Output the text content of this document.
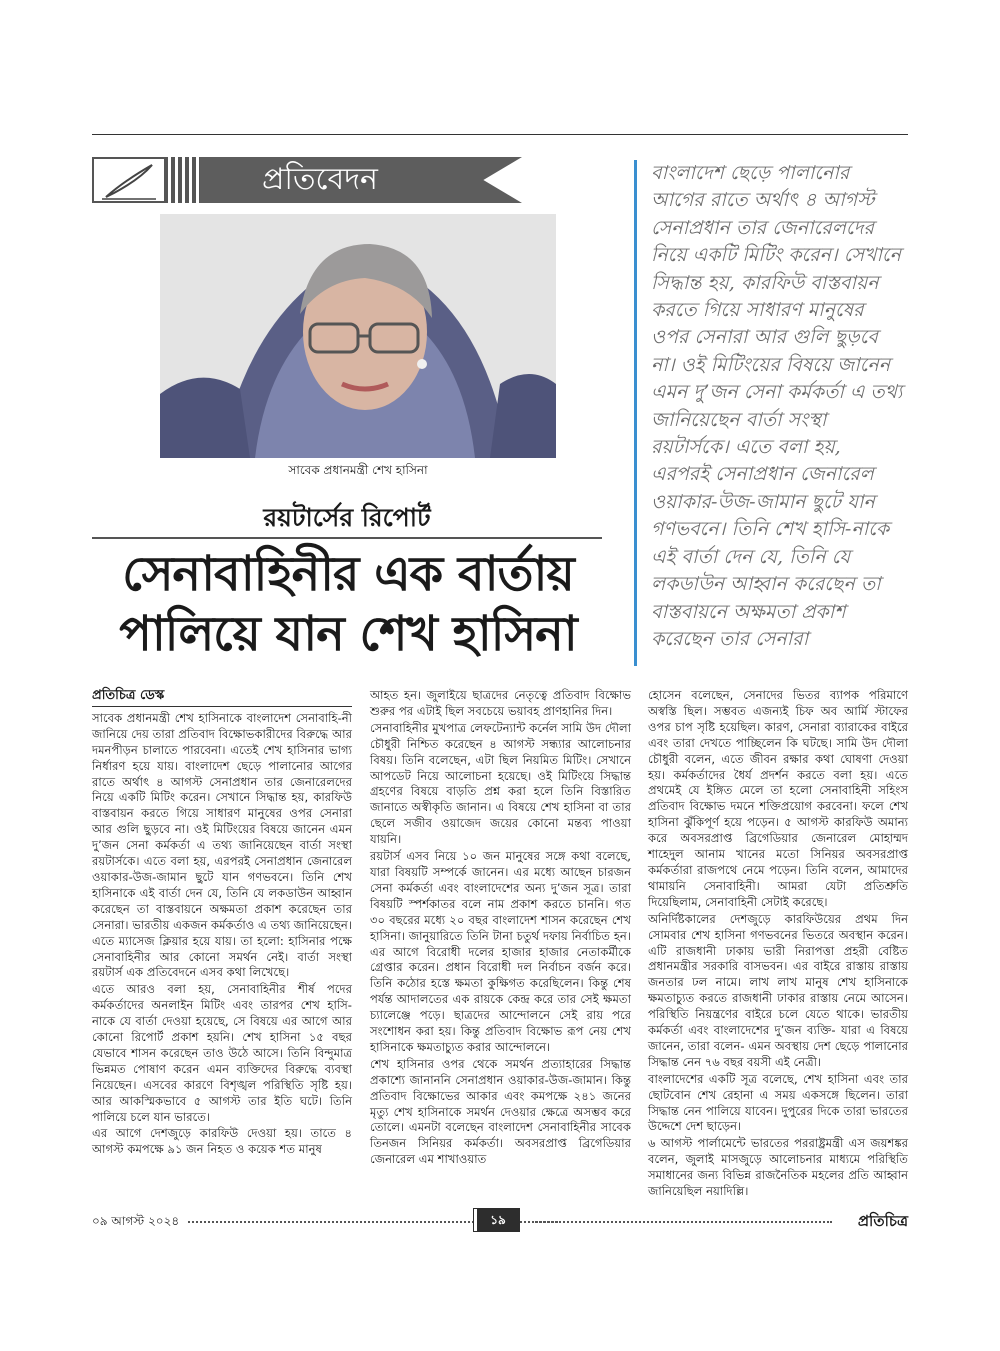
প্রতিবেদন
সাবেক প্রধানমন্ত্রী শেখ হাসিনা
রয়টার্সের রিপোর্ট
সেনাবাহিনীর এক বার্তায়
পালিয়ে যান শেখ হাসিনা

বাংলাদেশ ছেড়ে পালানোর আগের রাতে অর্থাৎ ৪ আগস্ট সেনাপ্রধান তার জেনারেলদের নিয়ে একটি মিটিং করেন। সেখানে সিদ্ধান্ত হয়, কারফিউ বাস্তবায়ন করতে গিয়ে সাধারণ মানুষের ওপর সেনারা আর গুলি ছুড়বে না। ওই মিটিংয়ের বিষয়ে জানেন এমন দু’জন সেনা কর্মকর্তা এ তথ্য জানিয়েছেন বার্তা সংস্থা রয়টার্সকে। এতে বলা হয়, এরপরই সেনাপ্রধান জেনারেল ওয়াকার-উজ-জামান ছুটে যান গণভবনে। তিনি শেখ হাসি-নাকে এই বার্তা দেন যে, তিনি যে লকডাউন আহ্বান করেছেন তা বাস্তবায়নে অক্ষমতা প্রকাশ করেছেন তার সেনারা

প্রতিচিত্র ডেস্ক

সাবেক প্রধানমন্ত্রী শেখ হাসিনাকে বাংলাদেশ সেনাবাহি-নী জানিয়ে দেয় তারা প্রতিবাদ বিক্ষোভকারীদের বিরুদ্ধে আর দমনপীড়ন চালাতে পারবেনা। এতেই শেখ হাসিনার ভাগ্য নির্ধারণ হয়ে যায়। বাংলাদেশ ছেড়ে পালানোর আগের রাতে অর্থাৎ ৪ আগস্ট সেনাপ্রধান তার জেনারেলদের নিয়ে একটি মিটিং করেন। সেখানে সিদ্ধান্ত হয়, কারফিউ বাস্তবায়ন করতে গিয়ে সাধারণ মানুষের ওপর সেনারা আর গুলি ছুড়বে না। ওই মিটিংয়ের বিষয়ে জানেন এমন দু’জন সেনা কর্মকর্তা এ তথ্য জানিয়েছেন বার্তা সংস্থা রয়টার্সকে। এতে বলা হয়, এরপরই সেনাপ্রধান জেনারেল ওয়াকার-উজ-জামান ছুটে যান গণভবনে। তিনি শেখ হাসিনাকে এই বার্তা দেন যে, তিনি যে লকডাউন আহ্বান করেছেন তা বাস্তবায়নে অক্ষমতা প্রকাশ করেছেন তার সেনারা। ভারতীয় একজন কর্মকর্তাও এ তথ্য জানিয়েছেন। এতে ম্যাসেজ ক্লিয়ার হয়ে যায়। তা হলো: হাসিনার পক্ষে সেনাবাহিনীর আর কোনো সমর্থন নেই। বার্তা সংস্থা রয়টার্স এক প্রতিবেদনে এসব কথা লিখেছে।

এতে আরও বলা হয়, সেনাবাহিনীর শীর্ষ পদের কর্মকর্তাদের অনলাইন মিটিং এবং তারপর শেখ হাসি-নাকে যে বার্তা দেওয়া হয়েছে, সে বিষয়ে এর আগে আর কোনো রিপোর্ট প্রকাশ হয়নি। শেখ হাসিনা ১৫ বছর যেভাবে শাসন করেছেন তাও উঠে আসে। তিনি বিন্দুমাত্র ভিন্নমত পোষাণ করেন এমন ব্যক্তিদের বিরুদ্ধে ব্যবস্থা নিয়েছেন। এসবের কারণে বিশৃঙ্খল পরিস্থিতি সৃষ্টি হয়। আর আকস্মিকভাবে ৫ আগস্ট তার ইতি ঘটে। তিনি পালিয়ে চলে যান ভারতে।

এর আগে দেশজুড়ে কারফিউ দেওয়া হয়। তাতে ৪ আগস্ট কমপক্ষে ৯১ জন নিহত ও কয়েক শত মানুষ

আহত হন। জুলাইয়ে ছাত্রদের নেতৃত্বে প্রতিবাদ বিক্ষোভ শুরুর পর এটাই ছিল সবচেয়ে ভয়াবহ প্রাণহানির দিন।

সেনাবাহিনীর মুখপাত্র লেফটেন্যান্ট কর্নেল সামি উদ দৌলা চৌধুরী নিশ্চিত করেছেন ৪ আগস্ট সন্ধ্যার আলোচনার বিষয়। তিনি বলেছেন, এটা ছিল নিয়মিত মিটিং। সেখানে আপডেট নিয়ে আলোচনা হয়েছে। ওই মিটিংয়ে সিদ্ধান্ত গ্রহণের বিষয়ে বাড়তি প্রশ্ন করা হলে তিনি বিস্তারিত জানাতে অস্বীকৃতি জানান। এ বিষয়ে শেখ হাসিনা বা তার ছেলে সজীব ওয়াজেদ জয়ের কোনো মন্তব্য পাওয়া যায়নি।

রয়টার্স এসব নিয়ে ১০ জন মানুষের সঙ্গে কথা বলেছে, যারা বিষয়টি সম্পর্কে জানেন। এর মধ্যে আছেন চারজন সেনা কর্মকর্তা এবং বাংলাদেশের অন্য দু’জন সূত্র। তারা বিষয়টি স্পর্শকাতর বলে নাম প্রকাশ করতে চাননি। গত ৩০ বছরের মধ্যে ২০ বছর বাংলাদেশ শাসন করেছেন শেখ হাসিনা। জানুয়ারিতে তিনি টানা চতুর্থ দফায় নির্বাচিত হন। এর আগে বিরোধী দলের হাজার হাজার নেতাকর্মীকে গ্রেপ্তার করেন। প্রধান বিরোধী দল নির্বাচন বর্জন করে। তিনি কঠোর হস্তে ক্ষমতা কুক্ষিগত করেছিলেন। কিন্তু শেষ পর্যন্ত আদালতের এক রায়কে কেন্দ্র করে তার সেই ক্ষমতা চ্যালেঞ্জে পড়ে। ছাত্রদের আন্দোলনে সেই রায় পরে সংশোধন করা হয়। কিন্তু প্রতিবাদ বিক্ষোভ রূপ নেয় শেখ হাসিনাকে ক্ষমতাচ্যুত করার আন্দোলনে।

শেখ হাসিনার ওপর থেকে সমর্থন প্রত্যাহারের সিদ্ধান্ত প্রকাশ্যে জানাননি সেনাপ্রধান ওয়াকার-উজ-জামান। কিন্তু প্রতিবাদ বিক্ষোভের আকার এবং কমপক্ষে ২৪১ জনের মৃত্যু শেখ হাসিনাকে সমর্থন দেওয়ার ক্ষেত্রে অসম্ভব করে তোলে। এমনটা বলেছেন বাংলাদেশ সেনাবাহিনীর সাবেক তিনজন সিনিয়র কর্মকর্তা। অবসরপ্রাপ্ত ব্রিগেডিয়ার জেনারেল এম শাখাওয়াত

হোসেন বলেছেন, সেনাদের ভিতর ব্যাপক পরিমাণে অস্বস্তি ছিল। সম্ভবত এজন্যই চিফ অব আর্মি স্টাফের ওপর চাপ সৃষ্টি হয়েছিল। কারণ, সেনারা ব্যারাকের বাইরে এবং তারা দেখতে পাচ্ছিলেন কি ঘটছে। সামি উদ দৌলা চৌধুরী বলেন, এতে জীবন রক্ষার কথা ঘোষণা দেওয়া হয়। কর্মকর্তাদের ধৈর্য প্রদর্শন করতে বলা হয়। এতে প্রথমেই যে ইঙ্গিত মেলে তা হলো সেনাবাহিনী সহিংস প্রতিবাদ বিক্ষোভ দমনে শক্তিপ্রয়োগ করবেনা। ফলে শেখ হাসিনা ঝুঁকিপূর্ণ হয়ে পড়েন। ৫ আগস্ট কারফিউ অমান্য করে অবসরপ্রাপ্ত ব্রিগেডিয়ার জেনারেল মোহাম্মদ শাহেদুল আনাম খানের মতো সিনিয়র অবসরপ্রাপ্ত কর্মকর্তারা রাজপথে নেমে পড়েন। তিনি বলেন, আমাদের থামায়নি সেনাবাহিনী। আমরা যেটা প্রতিশ্রুতি দিয়েছিলাম, সেনাবাহিনী সেটাই করেছে।

অনির্দিষ্টকালের দেশজুড়ে কারফিউয়ের প্রথম দিন সোমবার শেখ হাসিনা গণভবনের ভিতরে অবস্থান করেন। এটি রাজধানী ঢাকায় ভারী নিরাপত্তা প্রহরী বেষ্টিত প্রধানমন্ত্রীর সরকারি বাসভবন। এর বাইরে রাস্তায় রাস্তায় জনতার ঢল নামে। লাখ লাখ মানুষ শেখ হাসিনাকে ক্ষমতাচ্যুত করতে রাজধানী ঢাকার রাস্তায় নেমে আসেন। পরিস্থিতি নিয়ন্ত্রণের বাইরে চলে যেতে থাকে। ভারতীয় কর্মকর্তা এবং বাংলাদেশের দু’জন ব্যক্তি- যারা এ বিষয়ে জানেন, তারা বলেন- এমন অবস্থায় দেশ ছেড়ে পালানোর সিদ্ধান্ত নেন ৭৬ বছর বয়সী এই নেত্রী।

বাংলাদেশের একটি সূত্র বলেছে, শেখ হাসিনা এবং তার ছোটবোন শেখ রেহানা এ সময় একসঙ্গে ছিলেন। তারা সিদ্ধান্ত নেন পালিয়ে যাবেন। দুপুরের দিকে তারা ভারতের উদ্দেশে দেশ ছাড়েন।

৬ আগস্ট পার্লামেন্টে ভারতের পররাষ্ট্রমন্ত্রী এস জয়শঙ্কর বলেন, জুলাই মাসজুড়ে আলোচনার মাধ্যমে পরিস্থিতি সমাধানের জন্য বিভিন্ন রাজনৈতিক মহলের প্রতি আহ্বান জানিয়েছিল নয়াদিল্লি।

০৯ আগস্ট ২০২৪	১৯	প্রতিচিত্র
